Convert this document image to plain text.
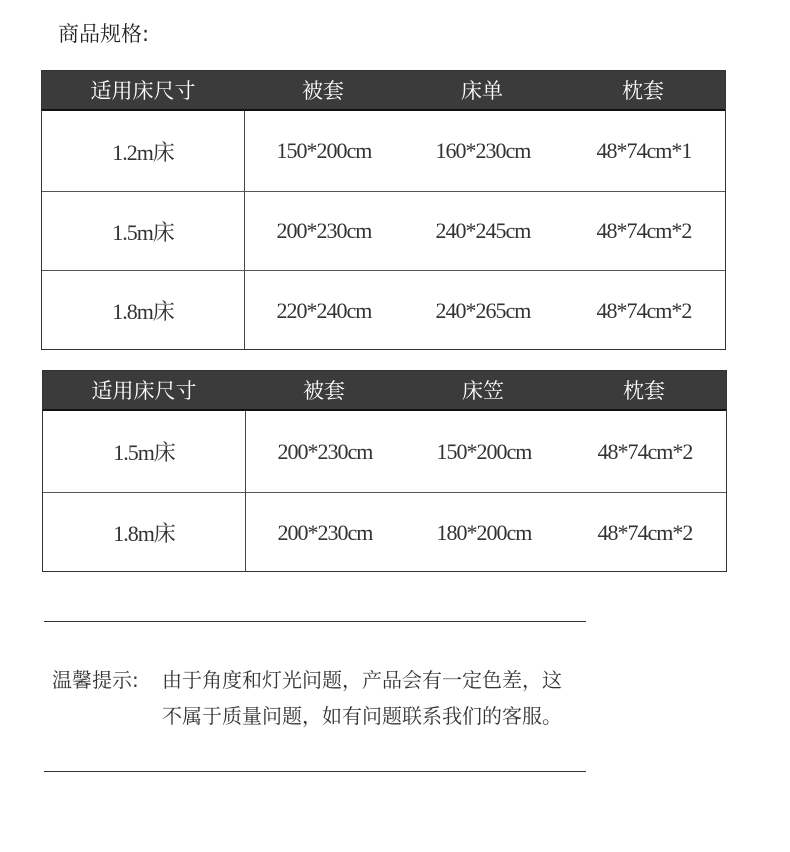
商品规格:
适用床尺寸	被套	床单	枕套
1.2m床	150*200cm	160*230cm	48*74cm*1
1.5m床	200*230cm	240*245cm	48*74cm*2
1.8m床	220*240cm	240*265cm	48*74cm*2
适用床尺寸	被套	床笠	枕套
1.5m床	200*230cm	150*200cm	48*74cm*2
1.8m床	200*230cm	180*200cm	48*74cm*2
温馨提示: 由于角度和灯光问题，产品会有一定色差，这
不属于质量问题，如有问题联系我们的客服。
